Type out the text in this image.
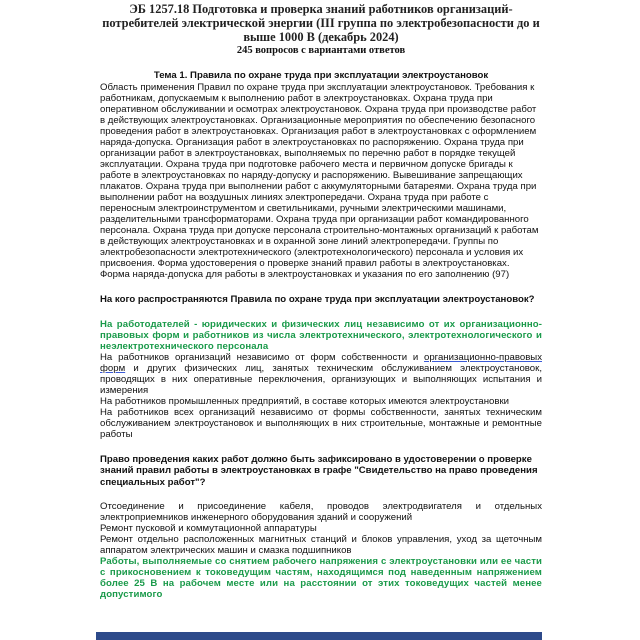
ЭБ 1257.18 Подготовка и проверка знаний работников организаций-потребителей электрической энергии (III группа по электробезопасности до и выше 1000 В (декабрь 2024)
245 вопросов с вариантами ответов
Тема 1. Правила по охране труда при эксплуатации электроустановок

Область применения Правил по охране труда при эксплуатации электроустановок. Требования к работникам, допускаемым к выполнению работ в электроустановках. Охрана труда при оперативном обслуживании и осмотрах электроустановок. Охрана труда при производстве работ в действующих электроустановках. Организационные мероприятия по обеспечению безопасного проведения работ в электроустановках. Организация работ в электроустановках с оформлением наряда-допуска. Организация работ в электроустановках по распоряжению. Охрана труда при организации работ в электроустановках, выполняемых по перечню работ в порядке текущей эксплуатации. Охрана труда при подготовке рабочего места и первичном допуске бригады к работе в электроустановках по наряду-допуску и распоряжению. Вывешивание запрещающих плакатов. Охрана труда при выполнении работ с аккумуляторными батареями. Охрана труда при выполнении работ на воздушных линиях электропередачи. Охрана труда при работе с переносным электроинструментом и светильниками, ручными электрическими машинами, разделительными трансформаторами. Охрана труда при организации работ командированного персонала. Охрана труда при допуске персонала строительно-монтажных организаций к работам в действующих электроустановках и в охранной зоне линий электропередачи. Группы по электробезопасности электротехнического (электротехнологического) персонала и условия их присвоения. Форма удостоверения о проверке знаний правил работы в электроустановках. Форма наряда-допуска для работы в электроустановках и указания по его заполнению (97)

На кого распространяются Правила по охране труда при эксплуатации электроустановок?

На работодателей - юридических и физических лиц независимо от их организационно-правовых форм и работников из числа электротехнического, электротехнологического и неэлектротехнического персонала

На работников организаций независимо от форм собственности и организационно-правовых форм и других физических лиц, занятых техническим обслуживанием электроустановок, проводящих в них оперативные переключения, организующих и выполняющих испытания и измерения

На работников промышленных предприятий, в составе которых имеются электроустановки

На работников всех организаций независимо от формы собственности, занятых техническим обслуживанием электроустановок и выполняющих в них строительные, монтажные и ремонтные работы

Право проведения каких работ должно быть зафиксировано в удостоверении о проверке знаний правил работы в электроустановках в графе "Свидетельство на право проведения специальных работ"?

Отсоединение и присоединение кабеля, проводов электродвигателя и отдельных электроприемников инженерного оборудования зданий и сооружений

Ремонт пусковой и коммутационной аппаратуры

Ремонт отдельно расположенных магнитных станций и блоков управления, уход за щеточным аппаратом электрических машин и смазка подшипников

Работы, выполняемые со снятием рабочего напряжения с электроустановки или ее части с прикосновением к токоведущим частям, находящимся под наведенным напряжением более 25 В на рабочем месте или на расстоянии от этих токоведущих частей менее допустимого
